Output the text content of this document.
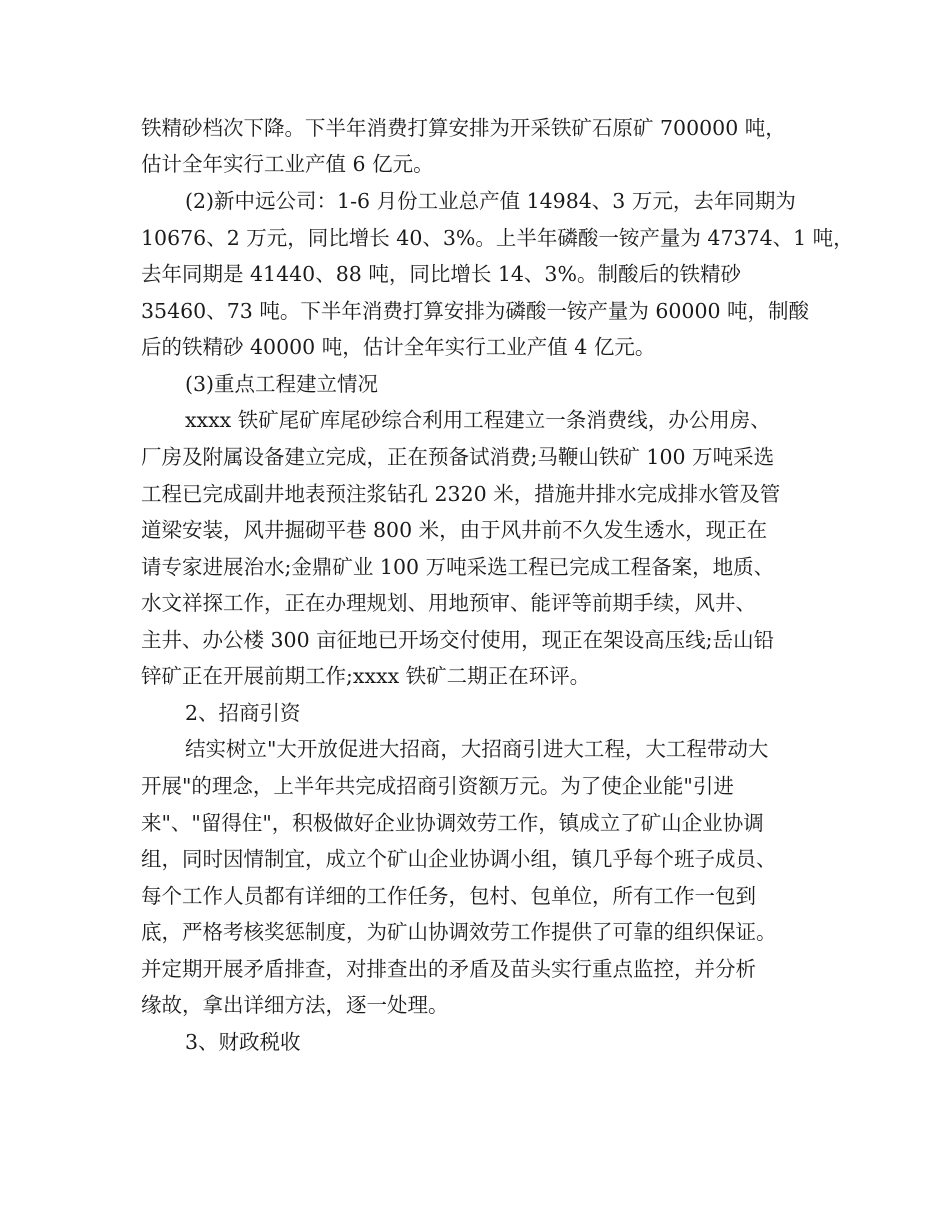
铁精砂档次下降。下半年消费打算安排为开采铁矿石原矿 700000 吨，
估计全年实行工业产值 6 亿元。
(2)新中远公司：1-6 月份工业总产值 14984、3 万元，去年同期为
10676、2 万元，同比增长 40、3%。上半年磷酸一铵产量为 47374、1 吨，
去年同期是 41440、88 吨，同比增长 14、3%。制酸后的铁精砂
35460、73 吨。下半年消费打算安排为磷酸一铵产量为 60000 吨，制酸
后的铁精砂 40000 吨，估计全年实行工业产值 4 亿元。
(3)重点工程建立情况
xxxx 铁矿尾矿库尾砂综合利用工程建立一条消费线，办公用房、
厂房及附属设备建立完成，正在预备试消费;马鞭山铁矿 100 万吨采选
工程已完成副井地表预注浆钻孔 2320 米，措施井排水完成排水管及管
道梁安装，风井掘砌平巷 800 米，由于风井前不久发生透水，现正在
请专家进展治水;金鼎矿业 100 万吨采选工程已完成工程备案，地质、
水文祥探工作，正在办理规划、用地预审、能评等前期手续，风井、
主井、办公楼 300 亩征地已开场交付使用，现正在架设高压线;岳山铅
锌矿正在开展前期工作;xxxx 铁矿二期正在环评。
2、招商引资
结实树立"大开放促进大招商，大招商引进大工程，大工程带动大
开展"的理念，上半年共完成招商引资额万元。为了使企业能"引进
来"、"留得住"，积极做好企业协调效劳工作，镇成立了矿山企业协调
组，同时因情制宜，成立个矿山企业协调小组，镇几乎每个班子成员、
每个工作人员都有详细的工作任务，包村、包单位，所有工作一包到
底，严格考核奖惩制度，为矿山协调效劳工作提供了可靠的组织保证。
并定期开展矛盾排查，对排查出的矛盾及苗头实行重点监控，并分析
缘故，拿出详细方法，逐一处理。
3、财政税收
